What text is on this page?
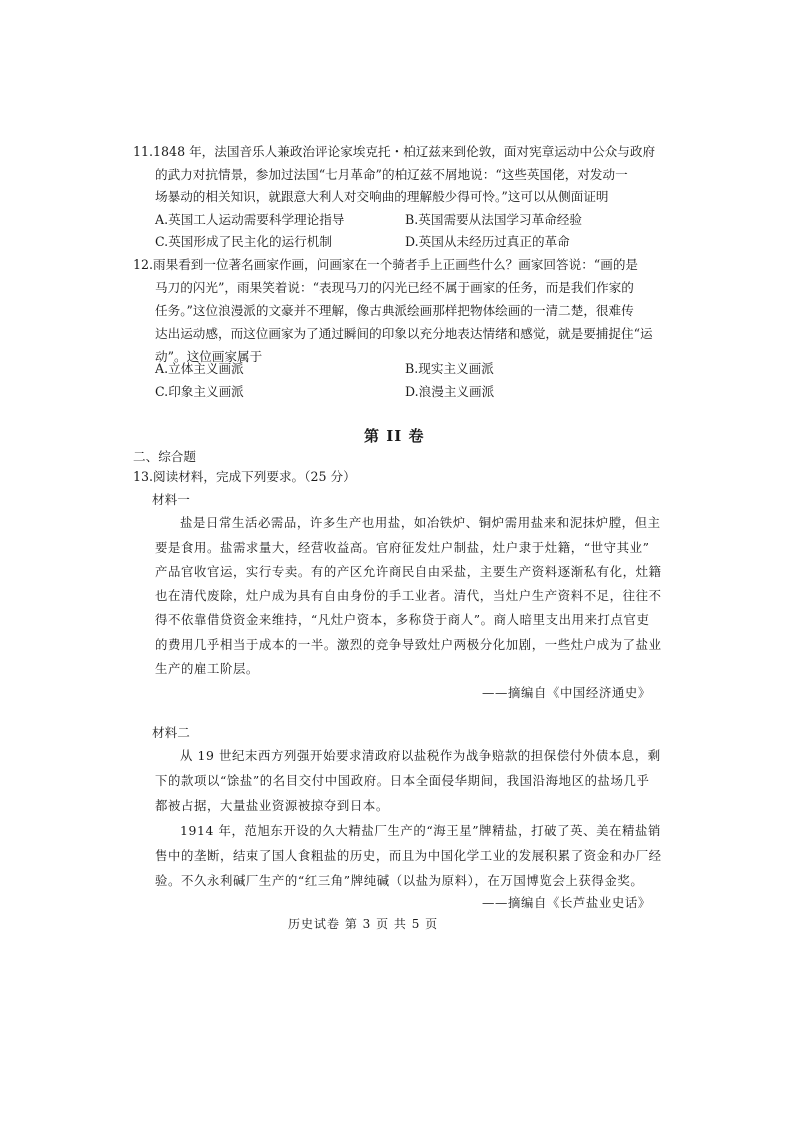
11.1848 年，法国音乐人兼政治评论家埃克托・柏辽兹来到伦敦，面对宪章运动中公众与政府
的武力对抗情景，参加过法国“七月革命”的柏辽兹不屑地说：“这些英国佬，对发动一
场暴动的相关知识，就跟意大利人对交响曲的理解般少得可怜。”这可以从侧面证明
A.英国工人运动需要科学理论指导	B.英国需要从法国学习革命经验
C.英国形成了民主化的运行机制	D.英国从未经历过真正的革命
12.雨果看到一位著名画家作画，问画家在一个骑者手上正画些什么？画家回答说：“画的是
马刀的闪光”，雨果笑着说：“表现马刀的闪光已经不属于画家的任务，而是我们作家的
任务。”这位浪漫派的文豪并不理解，像古典派绘画那样把物体绘画的一清二楚，很难传
达出运动感，而这位画家为了通过瞬间的印象以充分地表达情绪和感觉，就是要捕捉住“运
动”。这位画家属于
A.立体主义画派	B.现实主义画派
C.印象主义画派	D.浪漫主义画派
第 II 卷
二、综合题
13.阅读材料，完成下列要求。（25 分）
材料一
盐是日常生活必需品，许多生产也用盐，如冶铁炉、铜炉需用盐来和泥抹炉膛，但主
要是食用。盐需求量大，经营收益高。官府征发灶户制盐，灶户隶于灶籍，“世守其业”
产品官收官运，实行专卖。有的产区允许商民自由采盐，主要生产资料逐渐私有化，灶籍
也在清代废除，灶户成为具有自由身份的手工业者。清代，当灶户生产资料不足，往往不
得不依靠借贷资金来维持，“凡灶户资本，多称贷于商人”。商人暗里支出用来打点官吏
的费用几乎相当于成本的一半。激烈的竞争导致灶户两极分化加剧，一些灶户成为了盐业
生产的雇工阶层。
——摘编自《中国经济通史》
材料二
从 19 世纪末西方列强开始要求清政府以盐税作为战争赔款的担保偿付外债本息，剩
下的款项以“馀盐”的名目交付中国政府。日本全面侵华期间，我国沿海地区的盐场几乎
都被占据，大量盐业资源被掠夺到日本。
1914 年，范旭东开设的久大精盐厂生产的“海王星”牌精盐，打破了英、美在精盐销
售中的垄断，结束了国人食粗盐的历史，而且为中国化学工业的发展积累了资金和办厂经
验。不久永利碱厂生产的“红三角”牌纯碱（以盐为原料），在万国博览会上获得金奖。
——摘编自《长芦盐业史话》
历史试卷 第 3 页 共 5 页
